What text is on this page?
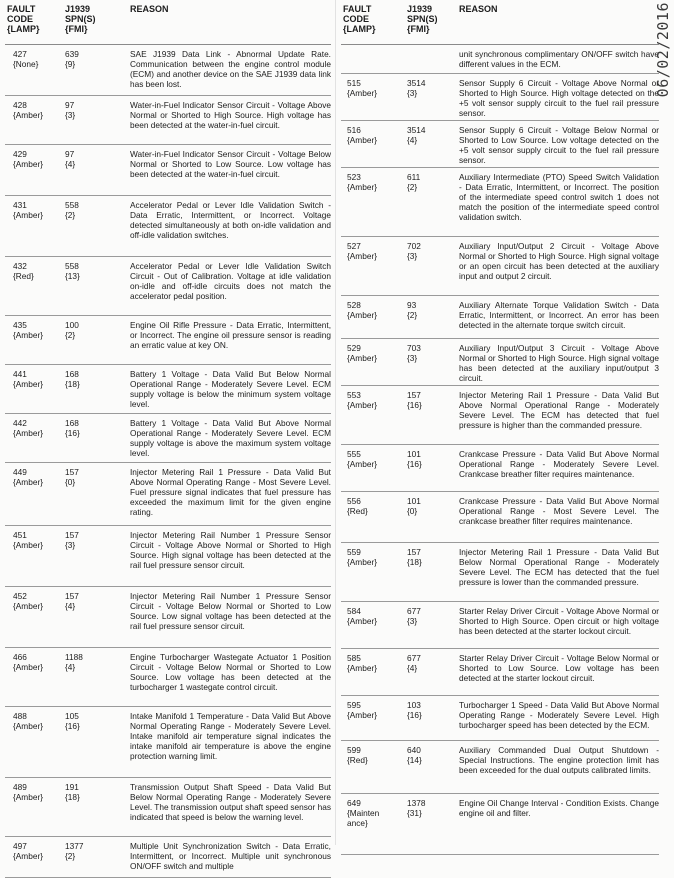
FAULT
CODE
{LAMP}
J1939
SPN(S)
{FMI}
REASON
427
{None}
639
{9}
SAE J1939 Data Link - Abnormal Update Rate. Communication between the engine control module (ECM) and another device on the SAE J1939 data link has been lost.
428
{Amber}
97
{3}
Water-in-Fuel Indicator Sensor Circuit - Voltage Above Normal or Shorted to High Source. High voltage has been detected at the water-in-fuel circuit.
429
{Amber}
97
{4}
Water-in-Fuel Indicator Sensor Circuit - Voltage Below Normal or Shorted to Low Source. Low voltage has been detected at the water-in-fuel circuit.
431
{Amber}
558
{2}
Accelerator Pedal or Lever Idle Validation Switch - Data Erratic, Intermittent, or Incorrect. Voltage detected simultaneously at both on-idle validation and off-idle validation switches.
432
{Red}
558
{13}
Accelerator Pedal or Lever Idle Validation Switch Circuit - Out of Calibration. Voltage at idle validation on-idle and off-idle circuits does not match the accelerator pedal position.
435
{Amber}
100
{2}
Engine Oil Rifle Pressure - Data Erratic, Intermittent, or Incorrect. The engine oil pressure sensor is reading an erratic value at key ON.
441
{Amber}
168
{18}
Battery 1 Voltage - Data Valid But Below Normal Operational Range - Moderately Severe Level. ECM supply voltage is below the minimum system voltage level.
442
{Amber}
168
{16}
Battery 1 Voltage - Data Valid But Above Normal Operational Range - Moderately Severe Level. ECM supply voltage is above the maximum system voltage level.
449
{Amber}
157
{0}
Injector Metering Rail 1 Pressure - Data Valid But Above Normal Operating Range - Most Severe Level. Fuel pressure signal indicates that fuel pressure has exceeded the maximum limit for the given engine rating.
451
{Amber}
157
{3}
Injector Metering Rail Number 1 Pressure Sensor Circuit - Voltage Above Normal or Shorted to High Source. High signal voltage has been detected at the rail fuel pressure sensor circuit.
452
{Amber}
157
{4}
Injector Metering Rail Number 1 Pressure Sensor Circuit - Voltage Below Normal or Shorted to Low Source. Low signal voltage has been detected at the rail fuel pressure sensor circuit.
466
{Amber}
1188
{4}
Engine Turbocharger Wastegate Actuator 1 Position Circuit - Voltage Below Normal or Shorted to Low Source. Low voltage has been detected at the turbocharger 1 wastegate control circuit.
488
{Amber}
105
{16}
Intake Manifold 1 Temperature - Data Valid But Above Normal Operating Range - Moderately Severe Level. Intake manifold air temperature signal indicates the intake manifold air temperature is above the engine protection warning limit.
489
{Amber}
191
{18}
Transmission Output Shaft Speed - Data Valid But Below Normal Operating Range - Moderately Severe Level. The transmission output shaft speed sensor has indicated that speed is below the warning level.
497
{Amber}
1377
{2}
Multiple Unit Synchronization Switch - Data Erratic, Intermittent, or Incorrect. Multiple unit synchronous ON/OFF switch and multiple
FAULT
CODE
{LAMP}
J1939
SPN(S)
{FMI}
REASON
unit synchronous complimentary ON/OFF switch have different values in the ECM.
515
{Amber}
3514
{3}
Sensor Supply 6 Circuit - Voltage Above Normal or Shorted to High Source. High voltage detected on the +5 volt sensor supply circuit to the fuel rail pressure sensor.
516
{Amber}
3514
{4}
Sensor Supply 6 Circuit - Voltage Below Normal or Shorted to Low Source. Low voltage detected on the +5 volt sensor supply circuit to the fuel rail pressure sensor.
523
{Amber}
611
{2}
Auxiliary Intermediate (PTO) Speed Switch Validation - Data Erratic, Intermittent, or Incorrect. The position of the intermediate speed control switch 1 does not match the position of the intermediate speed control validation switch.
527
{Amber}
702
{3}
Auxiliary Input/Output 2 Circuit - Voltage Above Normal or Shorted to High Source. High signal voltage or an open circuit has been detected at the auxiliary input and output 2 circuit.
528
{Amber}
93
{2}
Auxiliary Alternate Torque Validation Switch - Data Erratic, Intermittent, or Incorrect. An error has been detected in the alternate torque switch circuit.
529
{Amber}
703
{3}
Auxiliary Input/Output 3 Circuit - Voltage Above Normal or Shorted to High Source. High signal voltage has been detected at the auxiliary input/output 3 circuit.
553
{Amber}
157
{16}
Injector Metering Rail 1 Pressure - Data Valid But Above Normal Operational Range - Moderately Severe Level. The ECM has detected that fuel pressure is higher than the commanded pressure.
555
{Amber}
101
{16}
Crankcase Pressure - Data Valid But Above Normal Operational Range - Moderately Severe Level. Crankcase breather filter requires maintenance.
556
{Red}
101
{0}
Crankcase Pressure - Data Valid But Above Normal Operational Range - Most Severe Level. The crankcase breather filter requires maintenance.
559
{Amber}
157
{18}
Injector Metering Rail 1 Pressure - Data Valid But Below Normal Operational Range - Moderately Severe Level. The ECM has detected that the fuel pressure is lower than the commanded pressure.
584
{Amber}
677
{3}
Starter Relay Driver Circuit - Voltage Above Normal or Shorted to High Source. Open circuit or high voltage has been detected at the starter lockout circuit.
585
{Amber}
677
{4}
Starter Relay Driver Circuit - Voltage Below Normal or Shorted to Low Source. Low voltage has been detected at the starter lockout circuit.
595
{Amber}
103
{16}
Turbocharger 1 Speed - Data Valid But Above Normal Operating Range - Moderately Severe Level. High turbocharger speed has been detected by the ECM.
599
{Red}
640
{14}
Auxiliary Commanded Dual Output Shutdown - Special Instructions. The engine protection limit has been exceeded for the dual outputs calibrated limits.
649
{Mainten
ance}
1378
{31}
Engine Oil Change Interval - Condition Exists. Change engine oil and filter.
06/02/2016
